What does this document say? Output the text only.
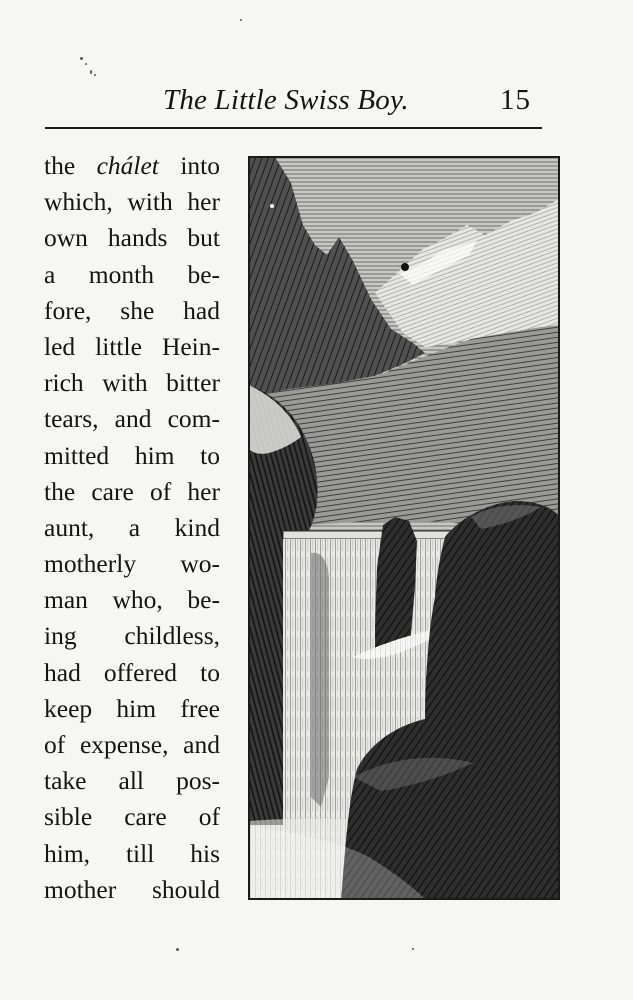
The Little Swiss Boy.	15
the chálet into
which, with her
own hands but
a month be-
fore, she had
led little Hein-
rich with bitter
tears, and com-
mitted him to
the care of her
aunt, a kind
motherly wo-
man who, be-
ing childless,
had offered to
keep him free
of expense, and
take all pos-
sible care of
him, till his
mother should
